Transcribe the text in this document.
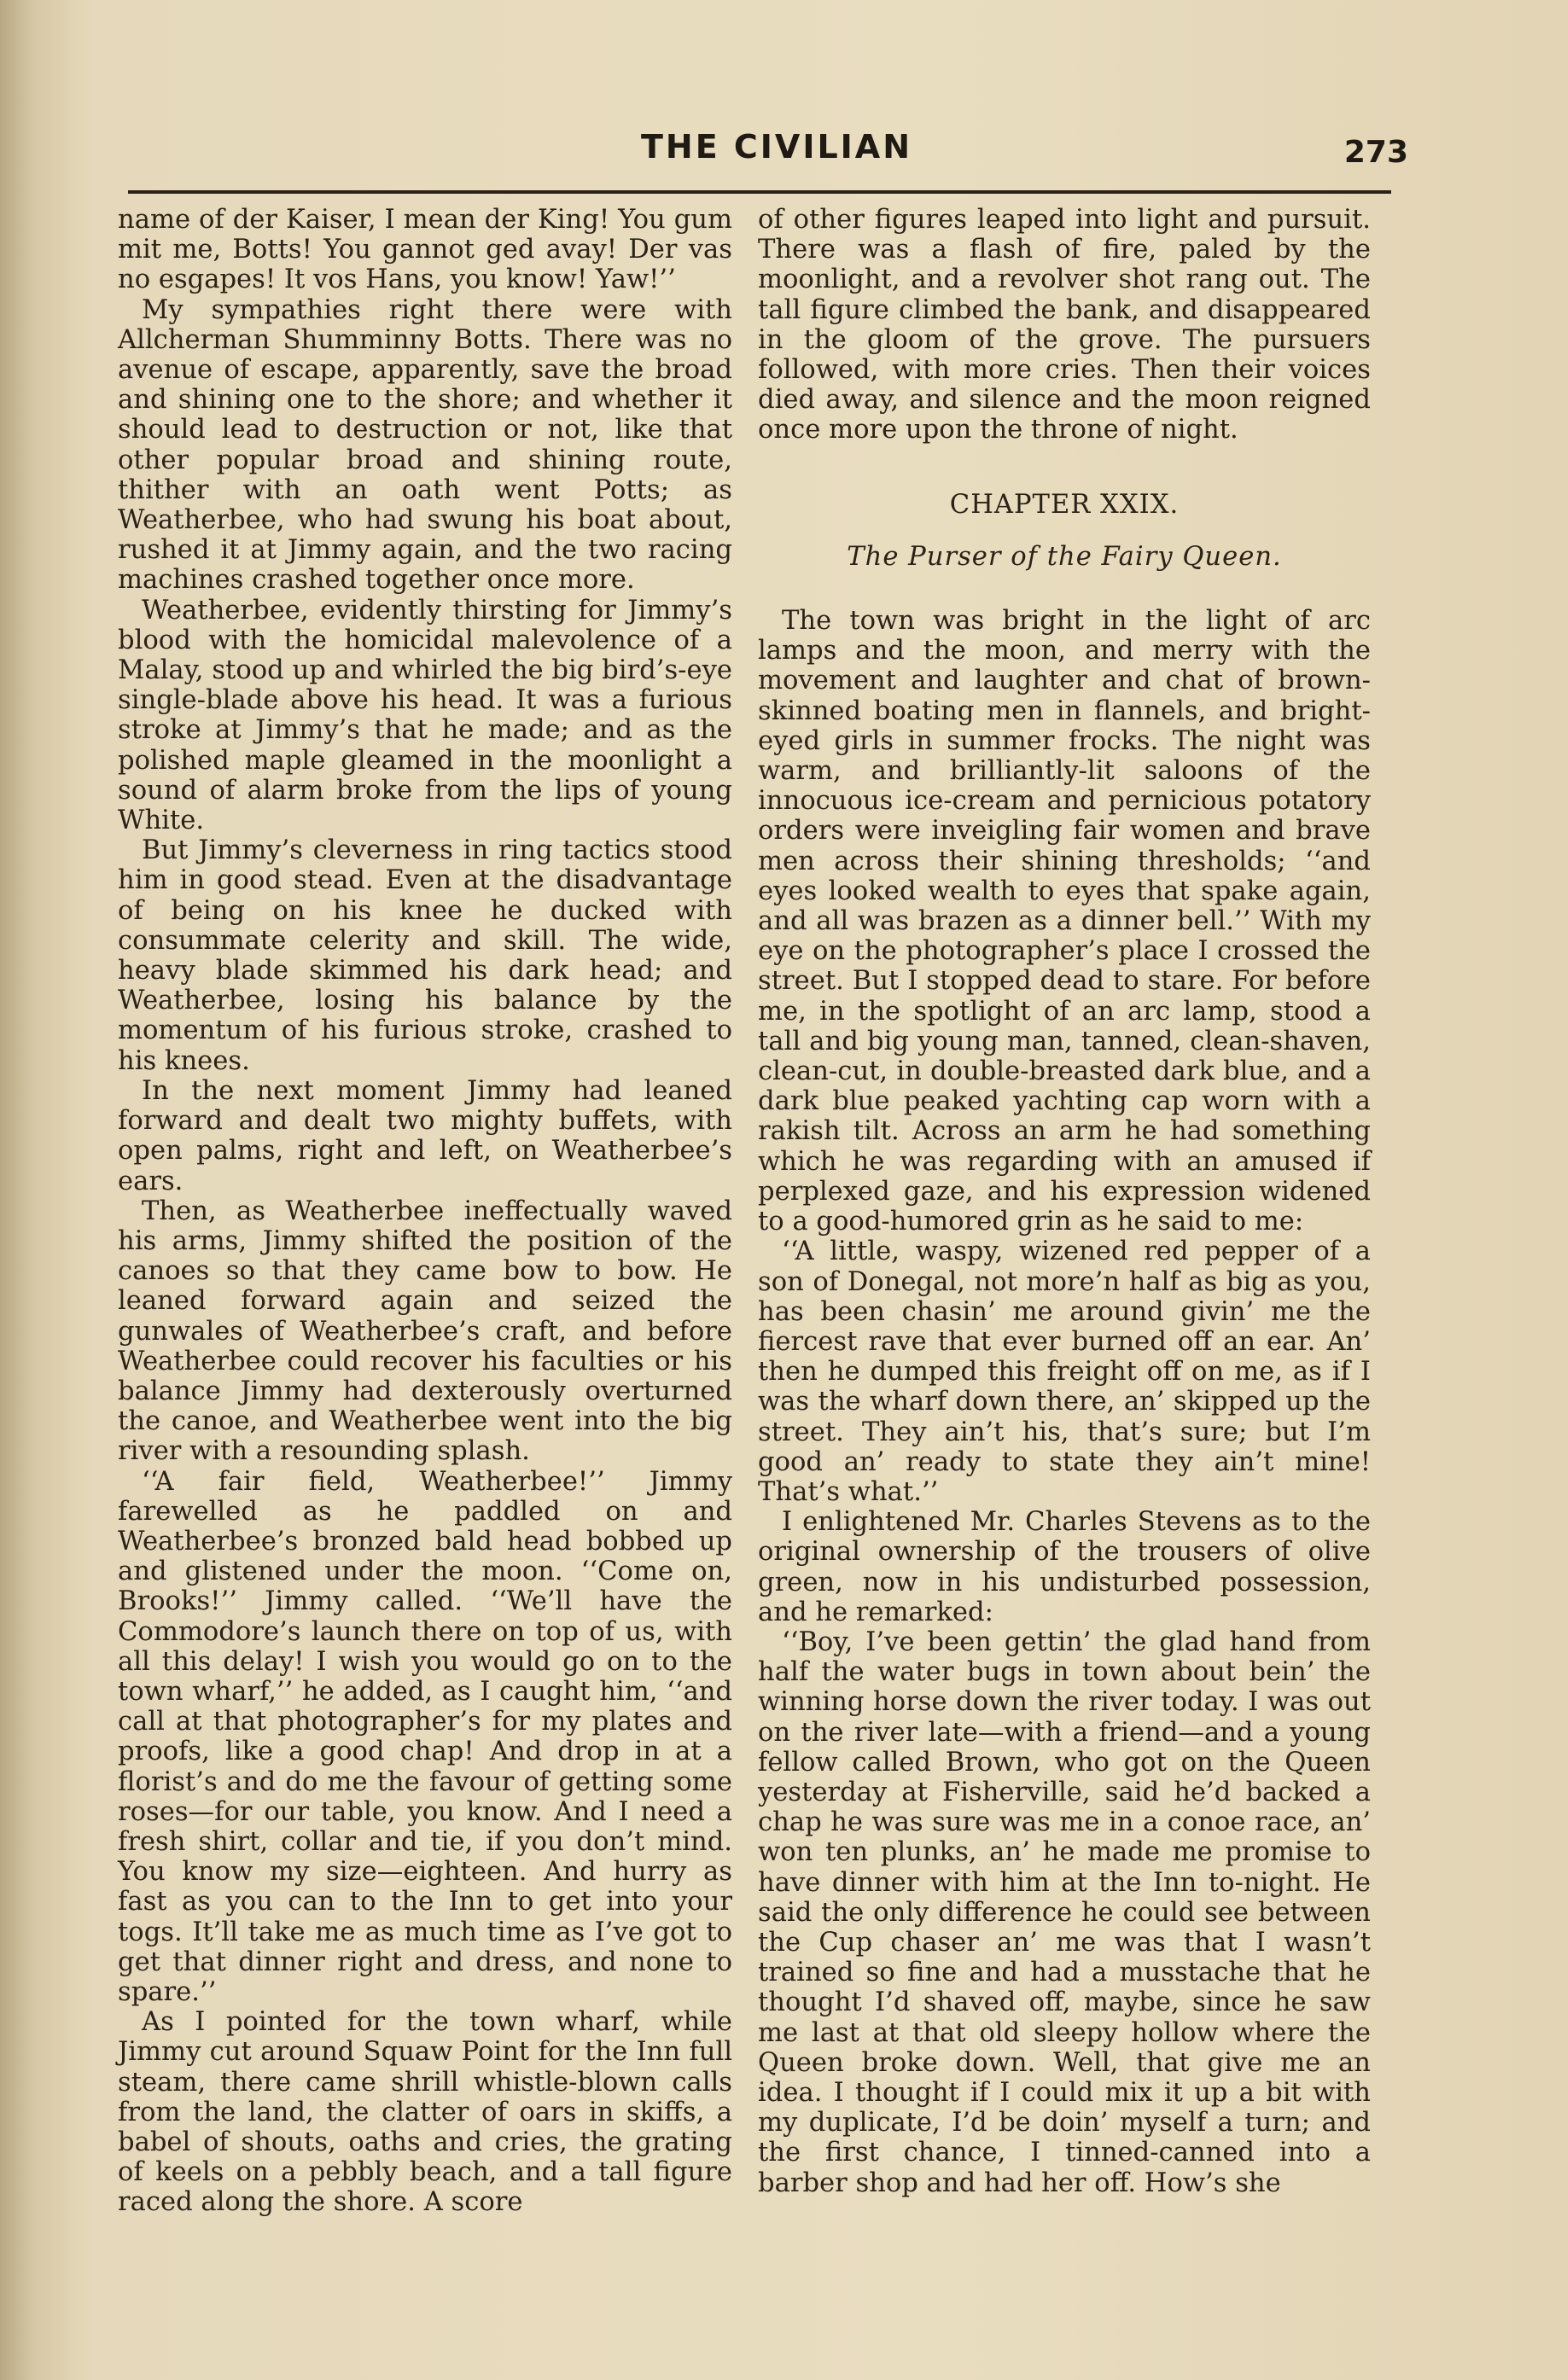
THE CIVILIAN	273

name of der Kaiser, I mean der King! You gum mit me, Botts! You gannot ged avay! Der vas no esgapes! It vos Hans, you know! Yaw!’’

My sympathies right there were with Allcherman Shumminny Botts. There was no avenue of escape, apparently, save the broad and shining one to the shore; and whether it should lead to destruction or not, like that other popular broad and shining route, thither with an oath went Potts; as Weatherbee, who had swung his boat about, rushed it at Jimmy again, and the two racing machines crashed together once more.

Weatherbee, evidently thirsting for Jimmy’s blood with the homicidal malevolence of a Malay, stood up and whirled the big bird’s-eye single-blade above his head. It was a furious stroke at Jimmy’s that he made; and as the polished maple gleamed in the moonlight a sound of alarm broke from the lips of young White.

But Jimmy’s cleverness in ring tactics stood him in good stead. Even at the disadvantage of being on his knee he ducked with consummate celerity and skill. The wide, heavy blade skimmed his dark head; and Weatherbee, losing his balance by the momentum of his furious stroke, crashed to his knees.

In the next moment Jimmy had leaned forward and dealt two mighty buffets, with open palms, right and left, on Weatherbee’s ears.

Then, as Weatherbee ineffectually waved his arms, Jimmy shifted the position of the canoes so that they came bow to bow. He leaned forward again and seized the gunwales of Weatherbee’s craft, and before Weatherbee could recover his faculties or his balance Jimmy had dexterously overturned the canoe, and Weatherbee went into the big river with a resounding splash.

‘‘A fair field, Weatherbee!’’ Jimmy farewelled as he paddled on and Weatherbee’s bronzed bald head bobbed up and glistened under the moon. ‘‘Come on, Brooks!’’ Jimmy called. ‘‘We’ll have the Commodore’s launch there on top of us, with all this delay! I wish you would go on to the town wharf,’’ he added, as I caught him, ‘‘and call at that photographer’s for my plates and proofs, like a good chap! And drop in at a florist’s and do me the favour of getting some roses—for our table, you know. And I need a fresh shirt, collar and tie, if you don’t mind. You know my size—eighteen. And hurry as fast as you can to the Inn to get into your togs. It’ll take me as much time as I’ve got to get that dinner right and dress, and none to spare.’’

As I pointed for the town wharf, while Jimmy cut around Squaw Point for the Inn full steam, there came shrill whistle-blown calls from the land, the clatter of oars in skiffs, a babel of shouts, oaths and cries, the grating of keels on a pebbly beach, and a tall figure raced along the shore. A score

of other figures leaped into light and pursuit. There was a flash of fire, paled by the moonlight, and a revolver shot rang out. The tall figure climbed the bank, and disappeared in the gloom of the grove. The pursuers followed, with more cries. Then their voices died away, and silence and the moon reigned once more upon the throne of night.

CHAPTER XXIX.
The Purser of the Fairy Queen.

The town was bright in the light of arc lamps and the moon, and merry with the movement and laughter and chat of brown-skinned boating men in flannels, and bright-eyed girls in summer frocks. The night was warm, and brilliantly-lit saloons of the innocuous ice-cream and pernicious potatory orders were inveigling fair women and brave men across their shining thresholds; ‘‘and eyes looked wealth to eyes that spake again, and all was brazen as a dinner bell.’’ With my eye on the photographer’s place I crossed the street. But I stopped dead to stare. For before me, in the spotlight of an arc lamp, stood a tall and big young man, tanned, clean-shaven, clean-cut, in double-breasted dark blue, and a dark blue peaked yachting cap worn with a rakish tilt. Across an arm he had something which he was regarding with an amused if perplexed gaze, and his expression widened to a good-humored grin as he said to me:

‘‘A little, waspy, wizened red pepper of a son of Donegal, not more’n half as big as you, has been chasin’ me around givin’ me the fiercest rave that ever burned off an ear. An’ then he dumped this freight off on me, as if I was the wharf down there, an’ skipped up the street. They ain’t his, that’s sure; but I’m good an’ ready to state they ain’t mine! That’s what.’’

I enlightened Mr. Charles Stevens as to the original ownership of the trousers of olive green, now in his undisturbed possession, and he remarked:

‘‘Boy, I’ve been gettin’ the glad hand from half the water bugs in town about bein’ the winning horse down the river today. I was out on the river late—with a friend—and a young fellow called Brown, who got on the Queen yesterday at Fisherville, said he’d backed a chap he was sure was me in a conoe race, an’ won ten plunks, an’ he made me promise to have dinner with him at the Inn to-night. He said the only difference he could see between the Cup chaser an’ me was that I wasn’t trained so fine and had a musstache that he thought I’d shaved off, maybe, since he saw me last at that old sleepy hollow where the Queen broke down. Well, that give me an idea. I thought if I could mix it up a bit with my duplicate, I’d be doin’ myself a turn; and the first chance, I tinned-canned into a barber shop and had her off. How’s she
